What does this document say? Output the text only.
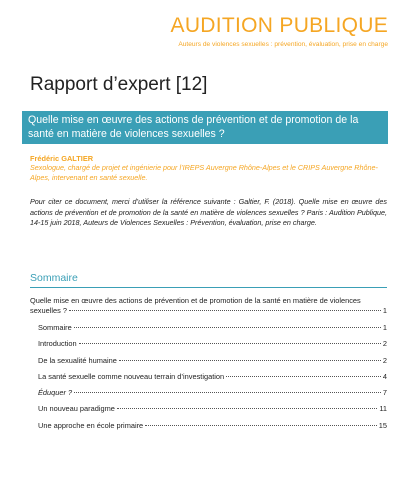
AUDITION PUBLIQUE
Auteurs de violences sexuelles : prévention, évaluation, prise en charge
Rapport d’expert [12]
Quelle mise en œuvre des actions de prévention et de promotion de la santé en matière de violences sexuelles ?
Frédéric GALTIER
Sexologue, chargé de projet et ingénierie pour l’IREPS Auvergne Rhône-Alpes et le CRIPS Auvergne Rhône-Alpes, intervenant en santé sexuelle.
Pour citer ce document, merci d’utiliser la référence suivante : Galtier, F. (2018). Quelle mise en œuvre des actions de prévention et de promotion de la santé en matière de violences sexuelles ? Paris : Audition Publique, 14-15 juin 2018, Auteurs de Violences Sexuelles : Prévention, évaluation, prise en charge.
Sommaire
Quelle mise en œuvre des actions de prévention et de promotion de la santé en matière de violences
sexuelles ?	1
Sommaire	1
Introduction	2
De la sexualité humaine	2
La santé sexuelle comme nouveau terrain d’investigation	4
Éduquer ?	7
Un nouveau paradigme	11
Une approche en école primaire	15
